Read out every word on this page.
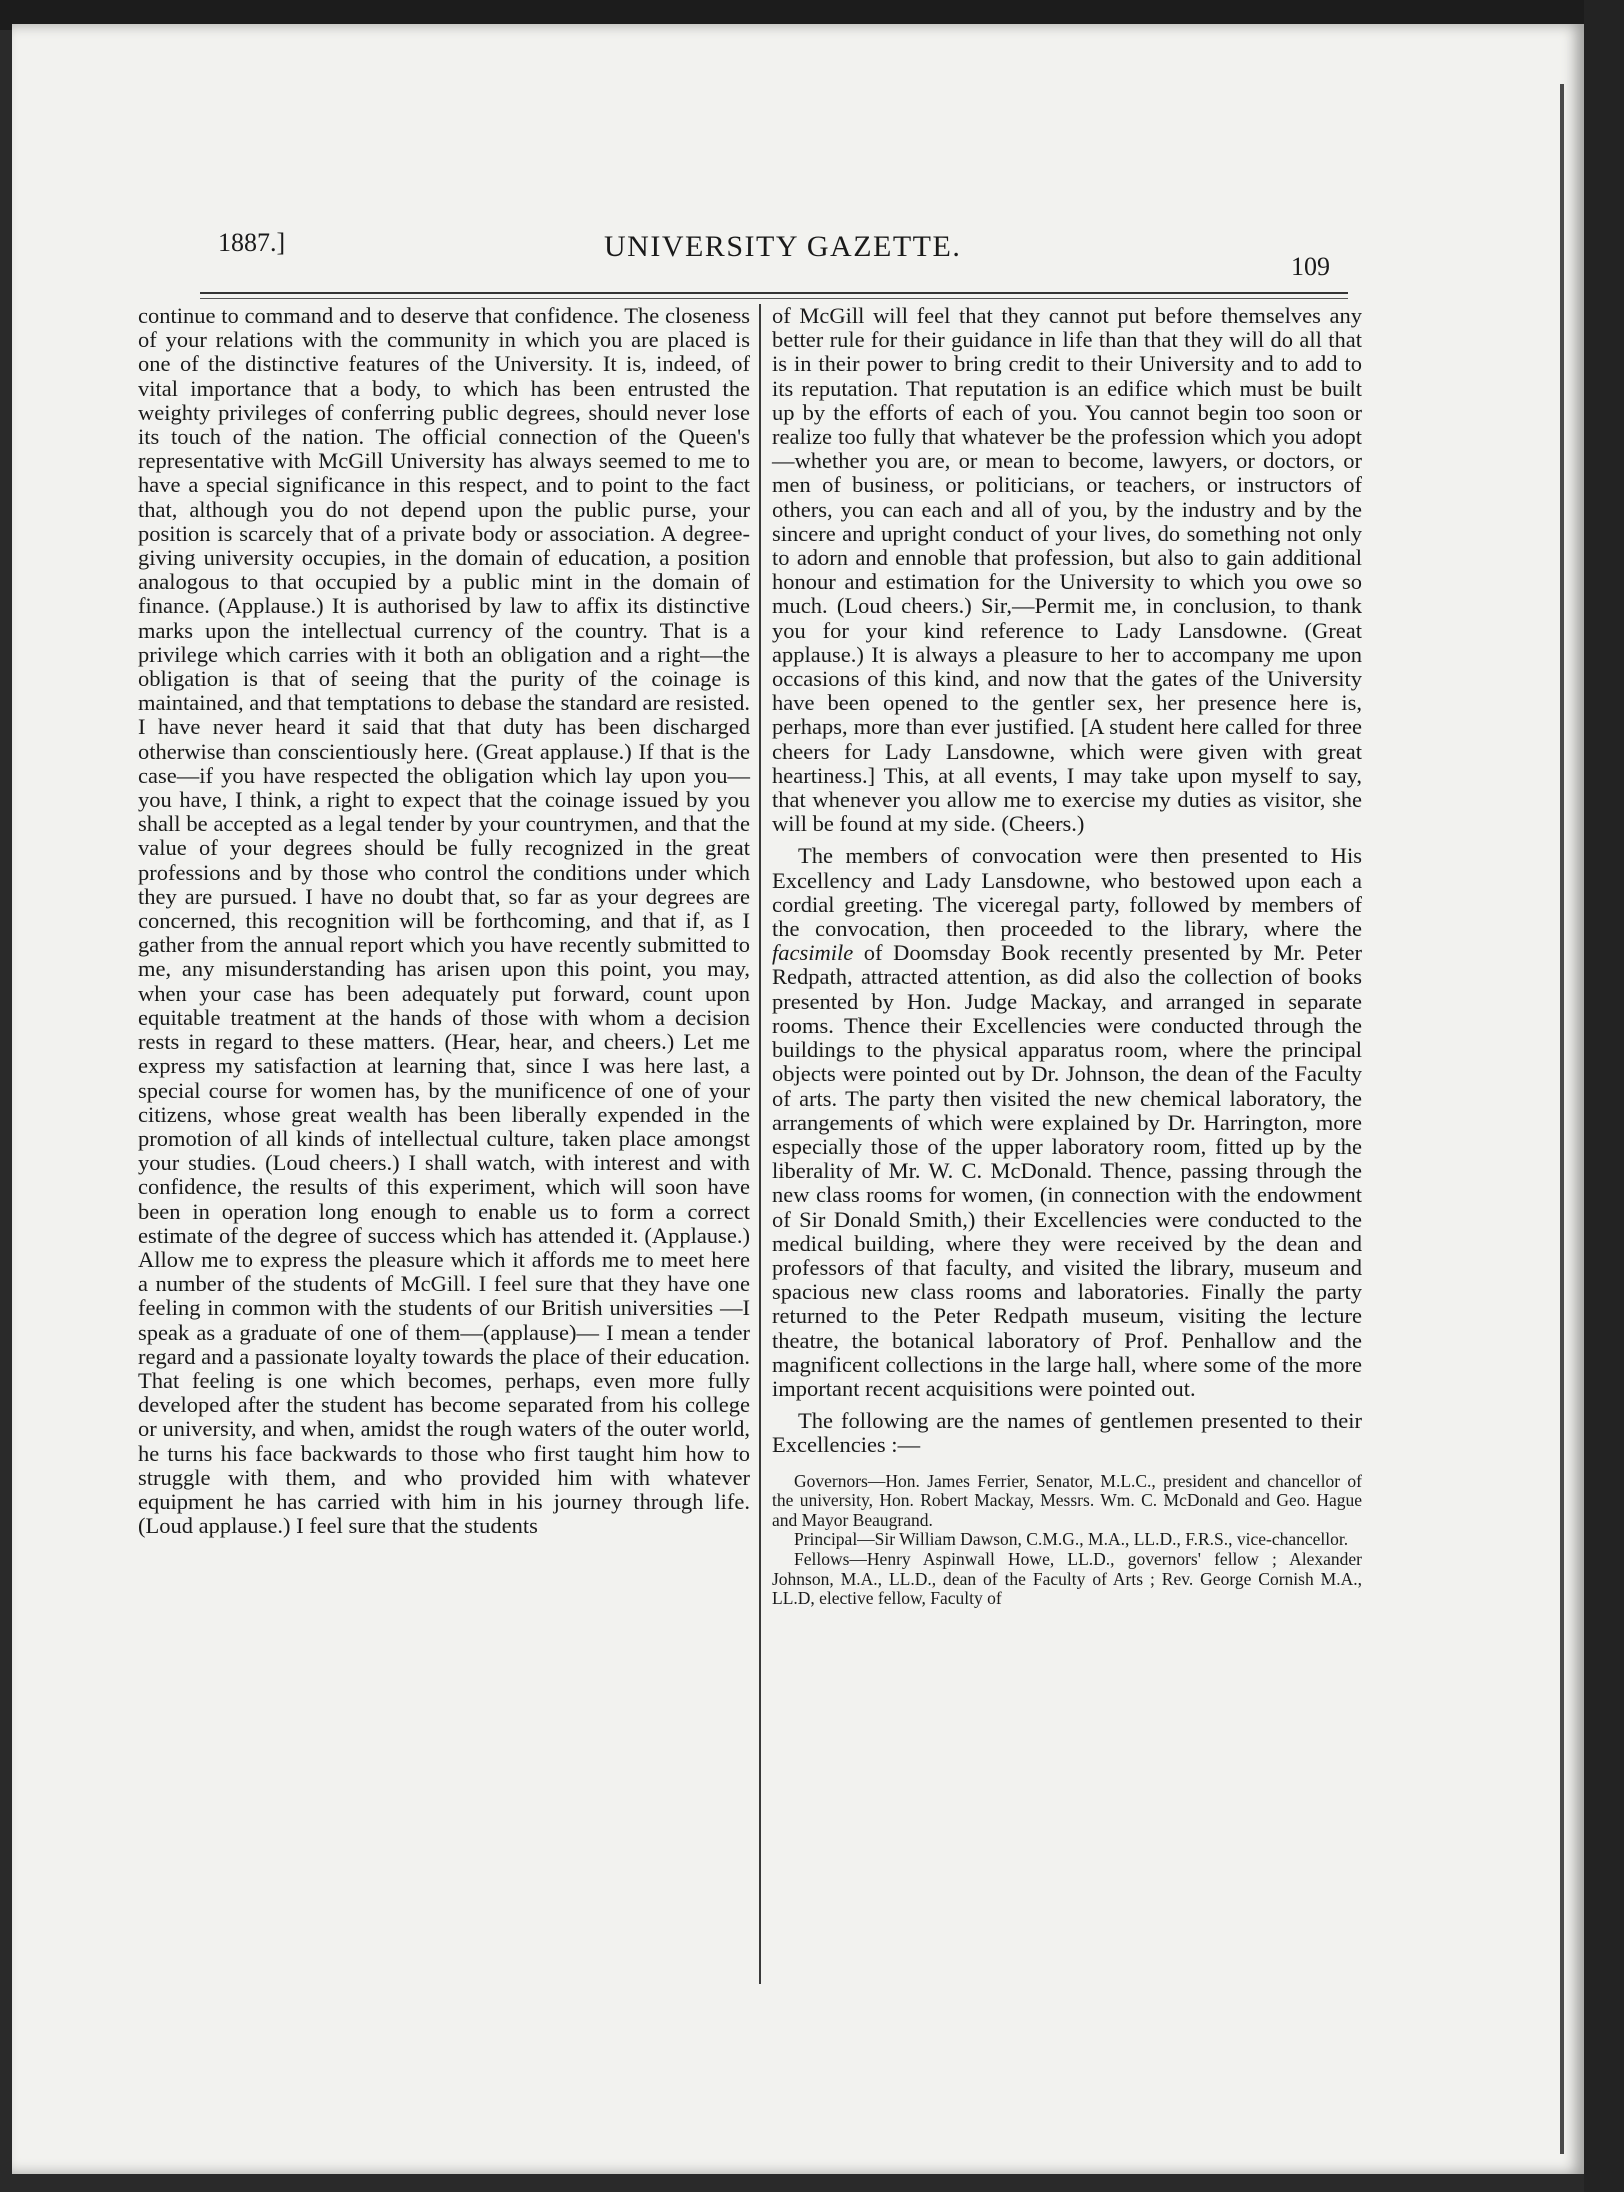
1887.]	UNIVERSITY GAZETTE.
109

continue to command and to deserve that confidence. The closeness of your relations with the community in which you are placed is one of the distinctive features of the University. It is, indeed, of vital importance that a body, to which has been entrusted the weighty privileges of conferring public degrees, should never lose its touch of the nation. The official connection of the Queen's representative with McGill University has always seemed to me to have a special significance in this respect, and to point to the fact that, although you do not depend upon the public purse, your position is scarcely that of a private body or association. A degree-giving university occupies, in the domain of education, a position analogous to that occupied by a public mint in the domain of finance. (Applause.) It is authorised by law to affix its distinctive marks upon the intellectual currency of the country. That is a privilege which carries with it both an obligation and a right—the obligation is that of seeing that the purity of the coinage is maintained, and that temptations to debase the standard are resisted. I have never heard it said that that duty has been discharged otherwise than conscientiously here. (Great applause.) If that is the case—if you have respected the obligation which lay upon you—you have, I think, a right to expect that the coinage issued by you shall be accepted as a legal tender by your countrymen, and that the value of your degrees should be fully recognized in the great professions and by those who control the conditions under which they are pursued. I have no doubt that, so far as your degrees are concerned, this recognition will be forthcoming, and that if, as I gather from the annual report which you have recently submitted to me, any misunderstanding has arisen upon this point, you may, when your case has been adequately put forward, count upon equitable treatment at the hands of those with whom a decision rests in regard to these matters. (Hear, hear, and cheers.) Let me express my satisfaction at learning that, since I was here last, a special course for women has, by the munificence of one of your citizens, whose great wealth has been liberally expended in the promotion of all kinds of intellectual culture, taken place amongst your studies. (Loud cheers.) I shall watch, with interest and with confidence, the results of this experiment, which will soon have been in operation long enough to enable us to form a correct estimate of the degree of success which has attended it. (Applause.) Allow me to express the pleasure which it affords me to meet here a number of the students of McGill. I feel sure that they have one feeling in common with the students of our British universities —I speak as a graduate of one of them—(applause)— I mean a tender regard and a passionate loyalty towards the place of their education. That feeling is one which becomes, perhaps, even more fully developed after the student has become separated from his college or university, and when, amidst the rough waters of the outer world, he turns his face backwards to those who first taught him how to struggle with them, and who provided him with whatever equipment he has carried with him in his journey through life. (Loud applause.) I feel sure that the students

of McGill will feel that they cannot put before themselves any better rule for their guidance in life than that they will do all that is in their power to bring credit to their University and to add to its reputation. That reputation is an edifice which must be built up by the efforts of each of you. You cannot begin too soon or realize too fully that whatever be the profession which you adopt—whether you are, or mean to become, lawyers, or doctors, or men of business, or politicians, or teachers, or instructors of others, you can each and all of you, by the industry and by the sincere and upright conduct of your lives, do something not only to adorn and ennoble that profession, but also to gain additional honour and estimation for the University to which you owe so much. (Loud cheers.) Sir,—Permit me, in conclusion, to thank you for your kind reference to Lady Lansdowne. (Great applause.) It is always a pleasure to her to accompany me upon occasions of this kind, and now that the gates of the University have been opened to the gentler sex, her presence here is, perhaps, more than ever justified. [A student here called for three cheers for Lady Lansdowne, which were given with great heartiness.] This, at all events, I may take upon myself to say, that whenever you allow me to exercise my duties as visitor, she will be found at my side. (Cheers.)

The members of convocation were then presented to His Excellency and Lady Lansdowne, who bestowed upon each a cordial greeting. The viceregal party, followed by members of the convocation, then proceeded to the library, where the facsimile of Doomsday Book recently presented by Mr. Peter Redpath, attracted attention, as did also the collection of books presented by Hon. Judge Mackay, and arranged in separate rooms. Thence their Excellencies were conducted through the buildings to the physical apparatus room, where the principal objects were pointed out by Dr. Johnson, the dean of the Faculty of arts. The party then visited the new chemical laboratory, the arrangements of which were explained by Dr. Harrington, more especially those of the upper laboratory room, fitted up by the liberality of Mr. W. C. McDonald. Thence, passing through the new class rooms for women, (in connection with the endowment of Sir Donald Smith,) their Excellencies were conducted to the medical building, where they were received by the dean and professors of that faculty, and visited the library, museum and spacious new class rooms and laboratories. Finally the party returned to the Peter Redpath museum, visiting the lecture theatre, the botanical laboratory of Prof. Penhallow and the magnificent collections in the large hall, where some of the more important recent acquisitions were pointed out.

The following are the names of gentlemen presented to their Excellencies :—

Governors—Hon. James Ferrier, Senator, M.L.C., president and chancellor of the university, Hon. Robert Mackay, Messrs. Wm. C. McDonald and Geo. Hague and Mayor Beaugrand.

Principal—Sir William Dawson, C.M.G., M.A., LL.D., F.R.S., vice-chancellor.

Fellows—Henry Aspinwall Howe, LL.D., governors' fellow ; Alexander Johnson, M.A., LL.D., dean of the Faculty of Arts ; Rev. George Cornish M.A., LL.D, elective fellow, Faculty of
